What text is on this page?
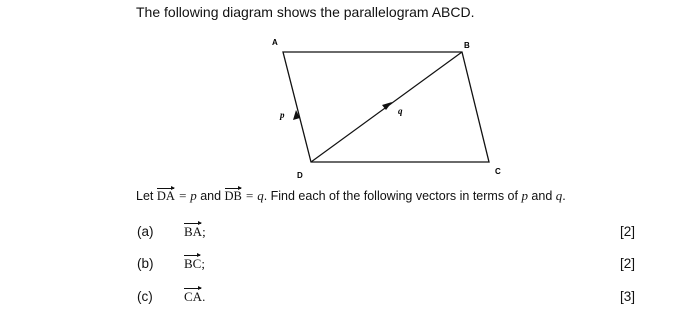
The following diagram shows the parallelogram ABCD.
A	B
C
D
p	q
Let DA = p and DB = q. Find each of the following vectors in terms of p and q.
(a) BA;	[2]
(b) BC;	[2]
(c) CA.	[3]
